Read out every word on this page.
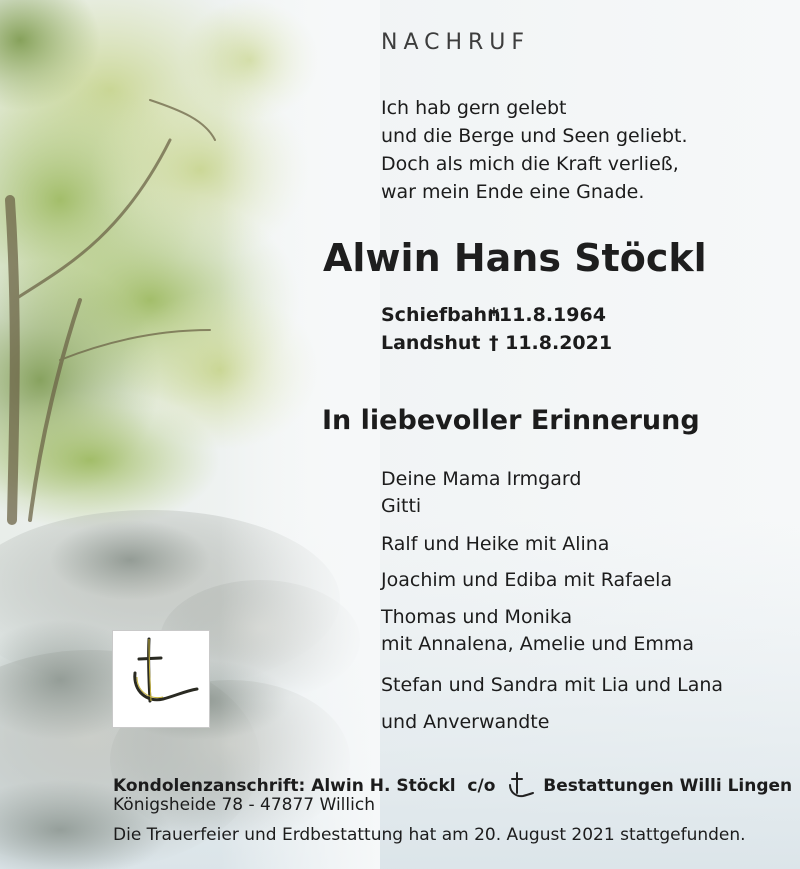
NACHRUF
Ich hab gern gelebt
und die Berge und Seen geliebt.
Doch als mich die Kraft verließ,
war mein Ende eine Gnade.
Alwin Hans Stöckl
Schiefbahn*11.8.1964
Landshut † 11.8.2021
In liebevoller Erinnerung
Deine Mama Irmgard
Gitti
Ralf und Heike mit Alina
Joachim und Ediba mit Rafaela
Thomas und Monika
mit Annalena, Amelie und Emma
Stefan und Sandra mit Lia und Lana
und Anverwandte
Kondolenzanschrift: Alwin H. Stöckl  c/o	Bestattungen Willi Lingen
Königsheide 78 - 47877 Willich
Die Trauerfeier und Erdbestattung hat am 20. August 2021 stattgefunden.
